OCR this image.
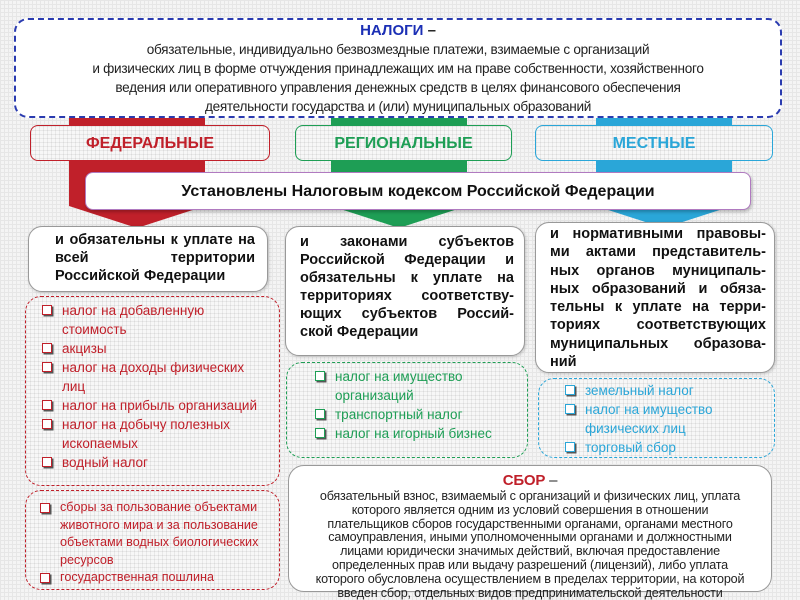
НАЛОГИ –
обязательные, индивидуально безвозмездные платежи, взимаемые с организаций
и физических лиц в форме отчуждения принадлежащих им на праве собственности, хозяйственного
ведения или оперативного управления денежных средств в целях финансового обеспечения
деятельности государства и (или) муниципальных образований
ФЕДЕРАЛЬНЫЕ	РЕГИОНАЛЬНЫЕ	МЕСТНЫЕ
Установлены Налоговым кодексом Российской Федерации
и обязательны к уплате на всей территории Российской Федерации
и законами субъектов Российской Федерации и обязательны к уплате на территориях соответству-ющих субъектов Россий-ской Федерации
и нормативными правовы-ми актами представитель-ных органов муниципаль-ных образований и обяза-тельны к уплате на терри-ториях соответствующих муниципальных образова-ний
налог на добавленную стоимость
акцизы
налог на доходы физических лиц
налог на прибыль организаций
налог на добычу полезных ископаемых
водный налог
сборы за пользование объектами животного мира и за пользование объектами водных биологических ресурсов
государственная пошлина
налог на имущество организаций
транспортный налог
налог на игорный бизнес
земельный налог
налог на имущество физических лиц
торговый сбор
СБОР –
обязательный взнос, взимаемый с организаций и физических лиц, уплата
которого является одним из условий совершения в отношении
плательщиков сборов государственными органами, органами местного
самоуправления, иными уполномоченными органами и должностными
лицами юридически значимых действий, включая предоставление
определенных прав или выдачу разрешений (лицензий), либо уплата
которого обусловлена осуществлением в пределах территории, на которой
введен сбор, отдельных видов предпринимательской деятельности
